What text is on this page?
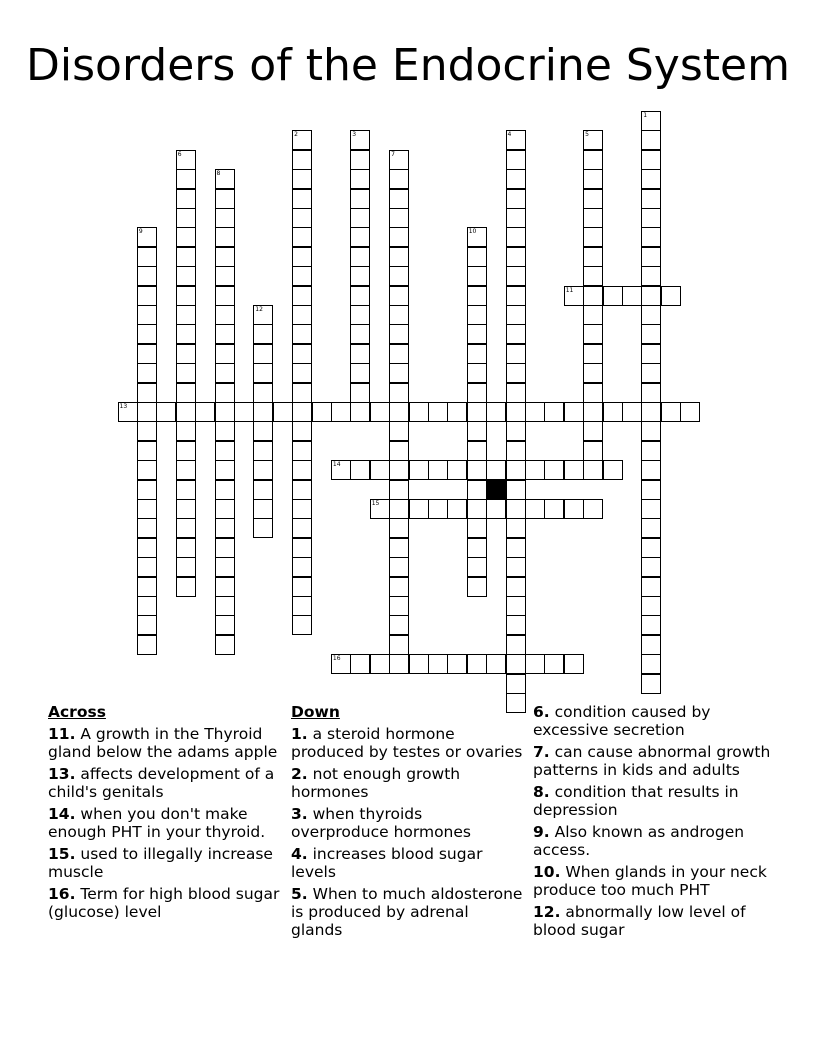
Disorders of the Endocrine System
1
2	3	4	5
6	7
8
9	10
12
11
13
14
15
16
Across
11. A growth in the Thyroid gland below the adams apple
13. affects development of a child's genitals
14. when you don't make enough PHT in your thyroid.
15. used to illegally increase muscle
16. Term for high blood sugar (glucose) level
Down
1. a steroid hormone produced by testes or ovaries
2. not enough growth hormones
3. when thyroids overproduce hormones
4. increases blood sugar levels
5. When to much aldosterone is produced by adrenal glands
6. condition caused by excessive secretion
7. can cause abnormal growth patterns in kids and adults
8. condition that results in depression
9. Also known as androgen access.
10. When glands in your neck produce too much PHT
12. abnormally low level of blood sugar
